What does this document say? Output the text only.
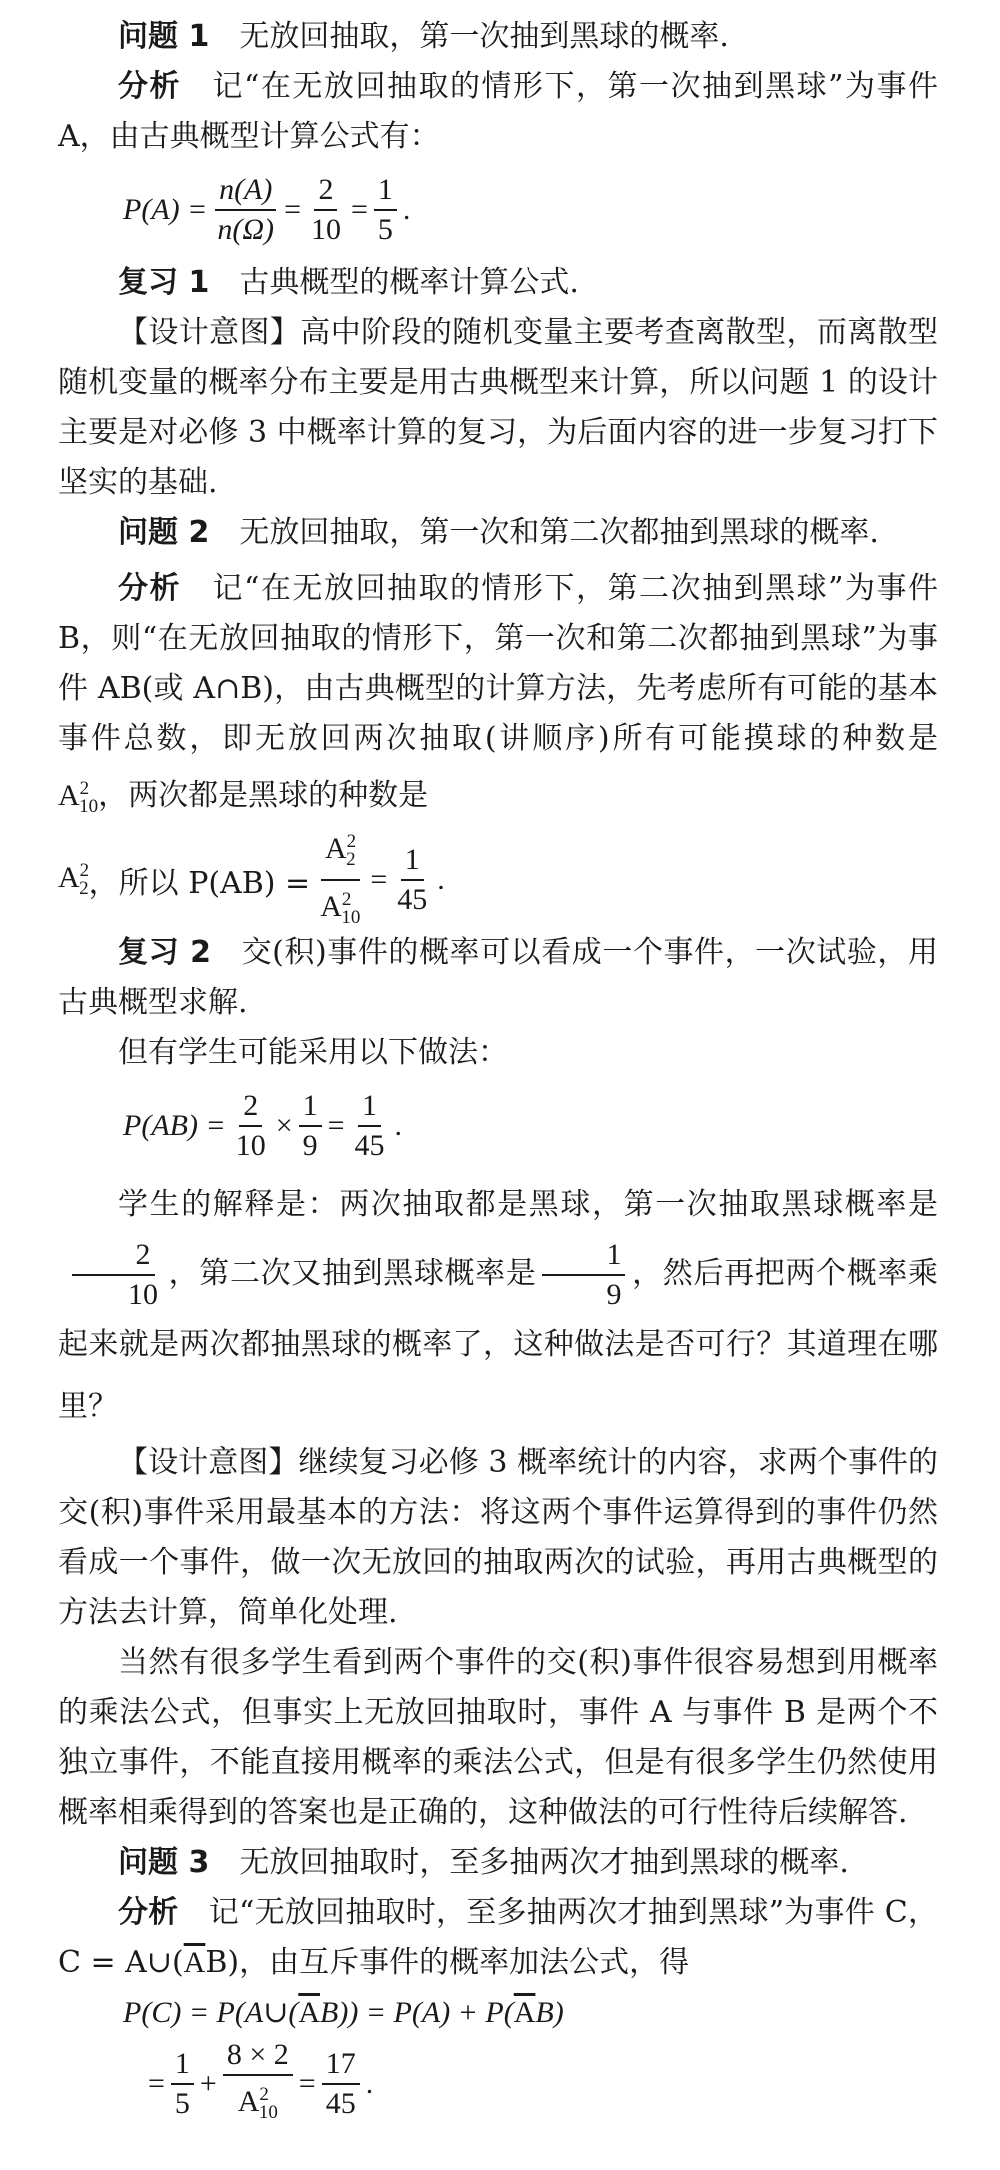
问题 1 无放回抽取，第一次抽到黑球的概率.

分析 记“在无放回抽取的情形下，第一次抽到黑球”为事件 A，由古典概型计算公式有：

$P(A) = \frac{n(A)}{n(\Omega)} = \frac{2}{10} = \frac{1}{5}$ .

复习 1 古典概型的概率计算公式.

【设计意图】高中阶段的随机变量主要考查离散型，而离散型随机变量的概率分布主要是用古典概型来计算，所以问题 1 的设计主要是对必修 3 中概率计算的复习，为后面内容的进一步复习打下坚实的基础.

问题 2 无放回抽取，第一次和第二次都抽到黑球的概率.

分析 记“在无放回抽取的情形下，第二次抽到黑球”为事件 B，则“在无放回抽取的情形下，第一次和第二次都抽到黑球”为事件 AB(或 A∩B)，由古典概型的计算方法，先考虑所有可能的基本事件总数，即无放回两次抽取(讲顺序)所有可能摸球的种数是 $A^2_{10}$，两次都是黑球的种数是

$A^2_2$ ，所以 $P(AB) = \frac{A^2_2}{A^2_{10}} = \frac{1}{45}$ .

复习 2 交(积)事件的概率可以看成一个事件，一次试验，用古典概型求解.

但有学生可能采用以下做法：

$P(AB) = \frac{2}{10} \times \frac{1}{9} = \frac{1}{45}$ .

学生的解释是：两次抽取都是黑球，第一次抽取黑球概率是
$\frac{2}{10}$ ，第二次又抽到黑球概率是 $\frac{1}{9}$ ，然后再把两个概率乘起来就是两次都抽黑球的概率了，这种做法是否可行？其道理在哪里？

【设计意图】继续复习必修 3 概率统计的内容，求两个事件的交(积)事件采用最基本的方法：将这两个事件运算得到的事件仍然看成一个事件，做一次无放回的抽取两次的试验，再用古典概型的方法去计算，简单化处理.

当然有很多学生看到两个事件的交(积)事件很容易想到用概率的乘法公式，但事实上无放回抽取时，事件 A 与事件 B 是两个不独立事件，不能直接用概率的乘法公式，但是有很多学生仍然使用概率相乘得到的答案也是正确的，这种做法的可行性待后续解答.

问题 3 无放回抽取时，至多抽两次才抽到黑球的概率.

分析 记“无放回抽取时，至多抽两次才抽到黑球”为事件 C，$C = A\cup(\overline{A}B)$，由互斥事件的概率加法公式，得

$P(C) = P(A\cup(\overline{A}B)) = P(A) + P(\overline{A}B)$
= $\frac{1}{5} + \frac{8 \times 2}{A^2_{10}} = \frac{17}{45}$ .
